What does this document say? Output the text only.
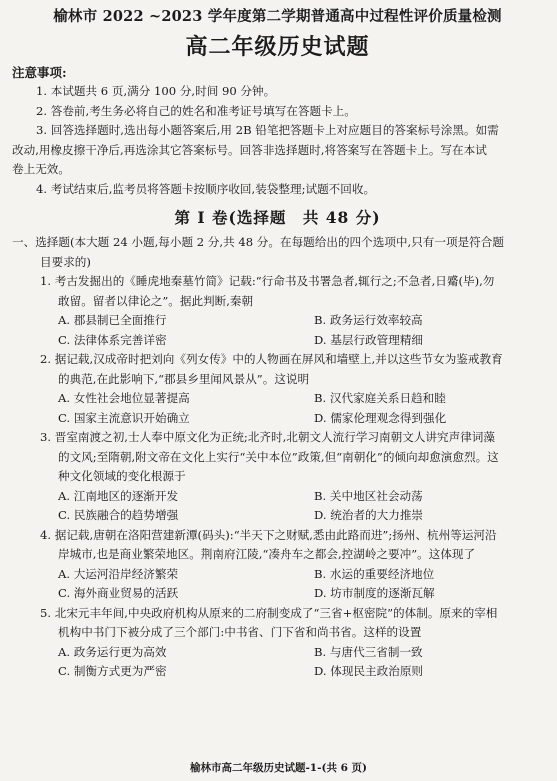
榆林市 2022 ~2023 学年度第二学期普通高中过程性评价质量检测
高二年级历史试题
注意事项:
1. 本试题共 6 页,满分 100 分,时间 90 分钟。
2. 答卷前,考生务必将自己的姓名和准考证号填写在答题卡上。
3. 回答选择题时,选出每小题答案后,用 2B 铅笔把答题卡上对应题目的答案标号涂黑。如需
改动,用橡皮擦干净后,再选涂其它答案标号。回答非选择题时,将答案写在答题卡上。写在本试
卷上无效。
4. 考试结束后,监考员将答题卡按顺序收回,装袋整理;试题不回收。
第 Ⅰ 卷(选择题　共 48 分)
一、选择题(本大题 24 小题,每小题 2 分,共 48 分。在每题给出的四个选项中,只有一项是符合题
目要求的)
1. 考古发掘出的《睡虎地秦墓竹简》记载:“行命书及书署急者,辄行之;不急者,日觱(毕),勿
敢留。留者以律论之”。据此判断,秦朝
A. 郡县制已全面推行	B. 政务运行效率较高
C. 法律体系完善详密	D. 基层行政管理精细
2. 据记载,汉成帝时把刘向《列女传》中的人物画在屏风和墙壁上,并以这些节女为鉴戒教育
的典范,在此影响下,“郡县乡里闻风景从”。这说明
A. 女性社会地位显著提高	B. 汉代家庭关系日趋和睦
C. 国家主流意识开始确立	D. 儒家伦理观念得到强化
3. 晋室南渡之初,士人奉中原文化为正统;北齐时,北朝文人流行学习南朝文人讲究声律词藻
的文风;至隋朝,附文帝在文化上实行“关中本位”政策,但“南朝化”的倾向却愈演愈烈。这
种文化领域的变化根源于
A. 江南地区的逐渐开发	B. 关中地区社会动荡
C. 民族融合的趋势增强	D. 统治者的大力推崇
4. 据记载,唐朝在洛阳营建新潭(码头):“半天下之财赋,悉由此路而进”;扬州、杭州等运河沿
岸城市,也是商业繁荣地区。荆南府江陵,“凑舟车之都会,控湖岭之要冲”。这体现了
A. 大运河沿岸经济繁荣	B. 水运的重要经济地位
C. 海外商业贸易的活跃	D. 坊市制度的逐渐瓦解
5. 北宋元丰年间,中央政府机构从原来的二府制变成了“三省+枢密院”的体制。原来的宰相
机构中书门下被分成了三个部门:中书省、门下省和尚书省。这样的设置
A. 政务运行更为高效	B. 与唐代三省制一致
C. 制衡方式更为严密	D. 体现民主政治原则
榆林市高二年级历史试题-1-(共 6 页)
